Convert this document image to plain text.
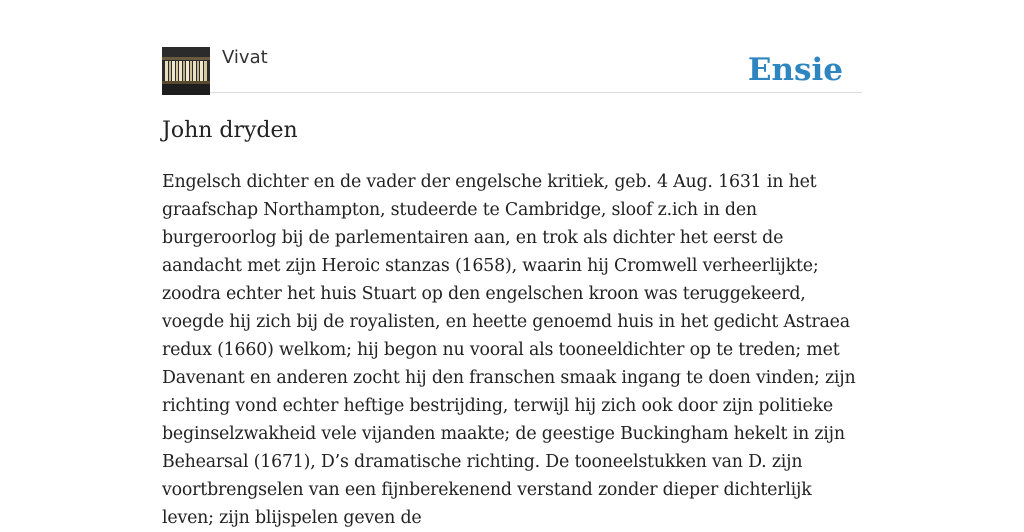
Vivat	Ensie
John dryden

Engelsch dichter en de vader der engelsche kritiek, geb. 4 Aug. 1631 in het graafschap Northampton, studeerde te Cambridge, sloof z.ich in den burgeroorlog bij de parlementairen aan, en trok als dichter het eerst de aandacht met zijn Heroic stanzas (1658), waarin hij Cromwell verheerlijkte; zoodra echter het huis Stuart op den engelschen kroon was teruggekeerd, voegde hij zich bij de royalisten, en heette genoemd huis in het gedicht Astraea redux (1660) welkom; hij begon nu vooral als tooneeldichter op te treden; met Davenant en anderen zocht hij den franschen smaak ingang te doen vinden; zijn richting vond echter heftige bestrijding, terwijl hij zich ook door zijn politieke beginselzwakheid vele vijanden maakte; de geestige Buckingham hekelt in zijn Behearsal (1671), D’s dramatische richting. De tooneelstukken van D. zijn voortbrengselen van een fijnberekenend verstand zonder dieper dichterlijk leven; zijn blijspelen geven de
